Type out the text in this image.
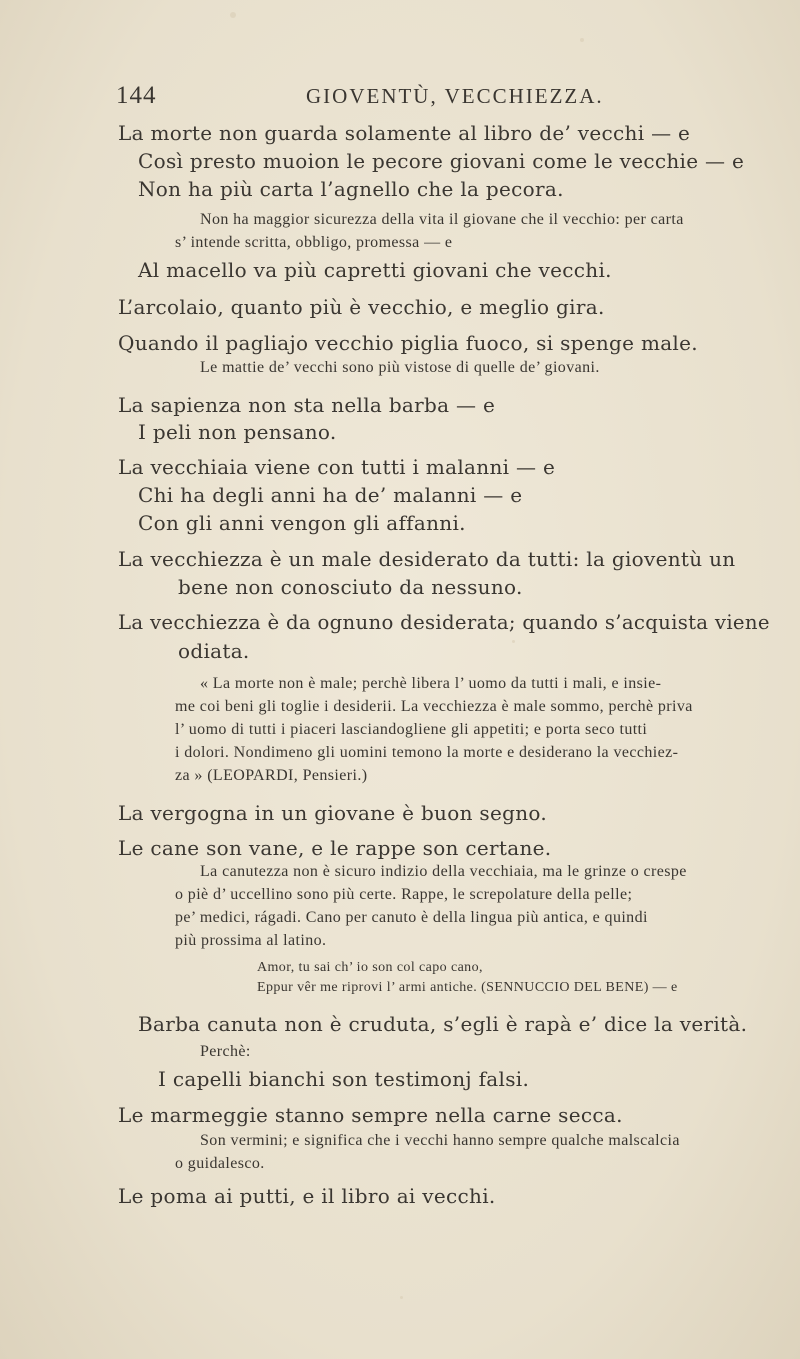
144	GIOVENTÙ, VECCHIEZZA.
La morte non guarda solamente al libro de’ vecchi — e
Così presto muoion le pecore giovani come le vecchie — e
Non ha più carta l’agnello che la pecora.
Non ha maggior sicurezza della vita il giovane che il vecchio: per carta
s’ intende scritta, obbligo, promessa — e
Al macello va più capretti giovani che vecchi.
L’arcolaio, quanto più è vecchio, e meglio gira.
Quando il pagliajo vecchio piglia fuoco, si spenge male.
Le mattie de’ vecchi sono più vistose di quelle de’ giovani.
La sapienza non sta nella barba — e
I peli non pensano.
La vecchiaia viene con tutti i malanni — e
Chi ha degli anni ha de’ malanni — e
Con gli anni vengon gli affanni.
La vecchiezza è un male desiderato da tutti: la gioventù un
bene non conosciuto da nessuno.
La vecchiezza è da ognuno desiderata; quando s’acquista viene
odiata.
« La morte non è male; perchè libera l’ uomo da tutti i mali, e insie-
me coi beni gli toglie i desiderii. La vecchiezza è male sommo, perchè priva
l’ uomo di tutti i piaceri lasciandogliene gli appetiti; e porta seco tutti
i dolori. Nondimeno gli uomini temono la morte e desiderano la vecchiez-
za » (LEOPARDI, Pensieri.)
La vergogna in un giovane è buon segno.
Le cane son vane, e le rappe son certane.
La canutezza non è sicuro indizio della vecchiaia, ma le grinze o crespe
o piè d’ uccellino sono più certe. Rappe, le screpolature della pelle;
pe’ medici, rágadi. Cano per canuto è della lingua più antica, e quindi
più prossima al latino.
Amor, tu sai ch’ io son col capo cano,
Eppur vêr me riprovi l’ armi antiche. (SENNUCCIO DEL BENE) — e
Barba canuta non è cruduta, s’egli è rapà e’ dice la verità.
Perchè:
I capelli bianchi son testimonj falsi.
Le marmeggie stanno sempre nella carne secca.
Son vermini; e significa che i vecchi hanno sempre qualche malscalcia
o guidalesco.
Le poma ai putti, e il libro ai vecchi.
